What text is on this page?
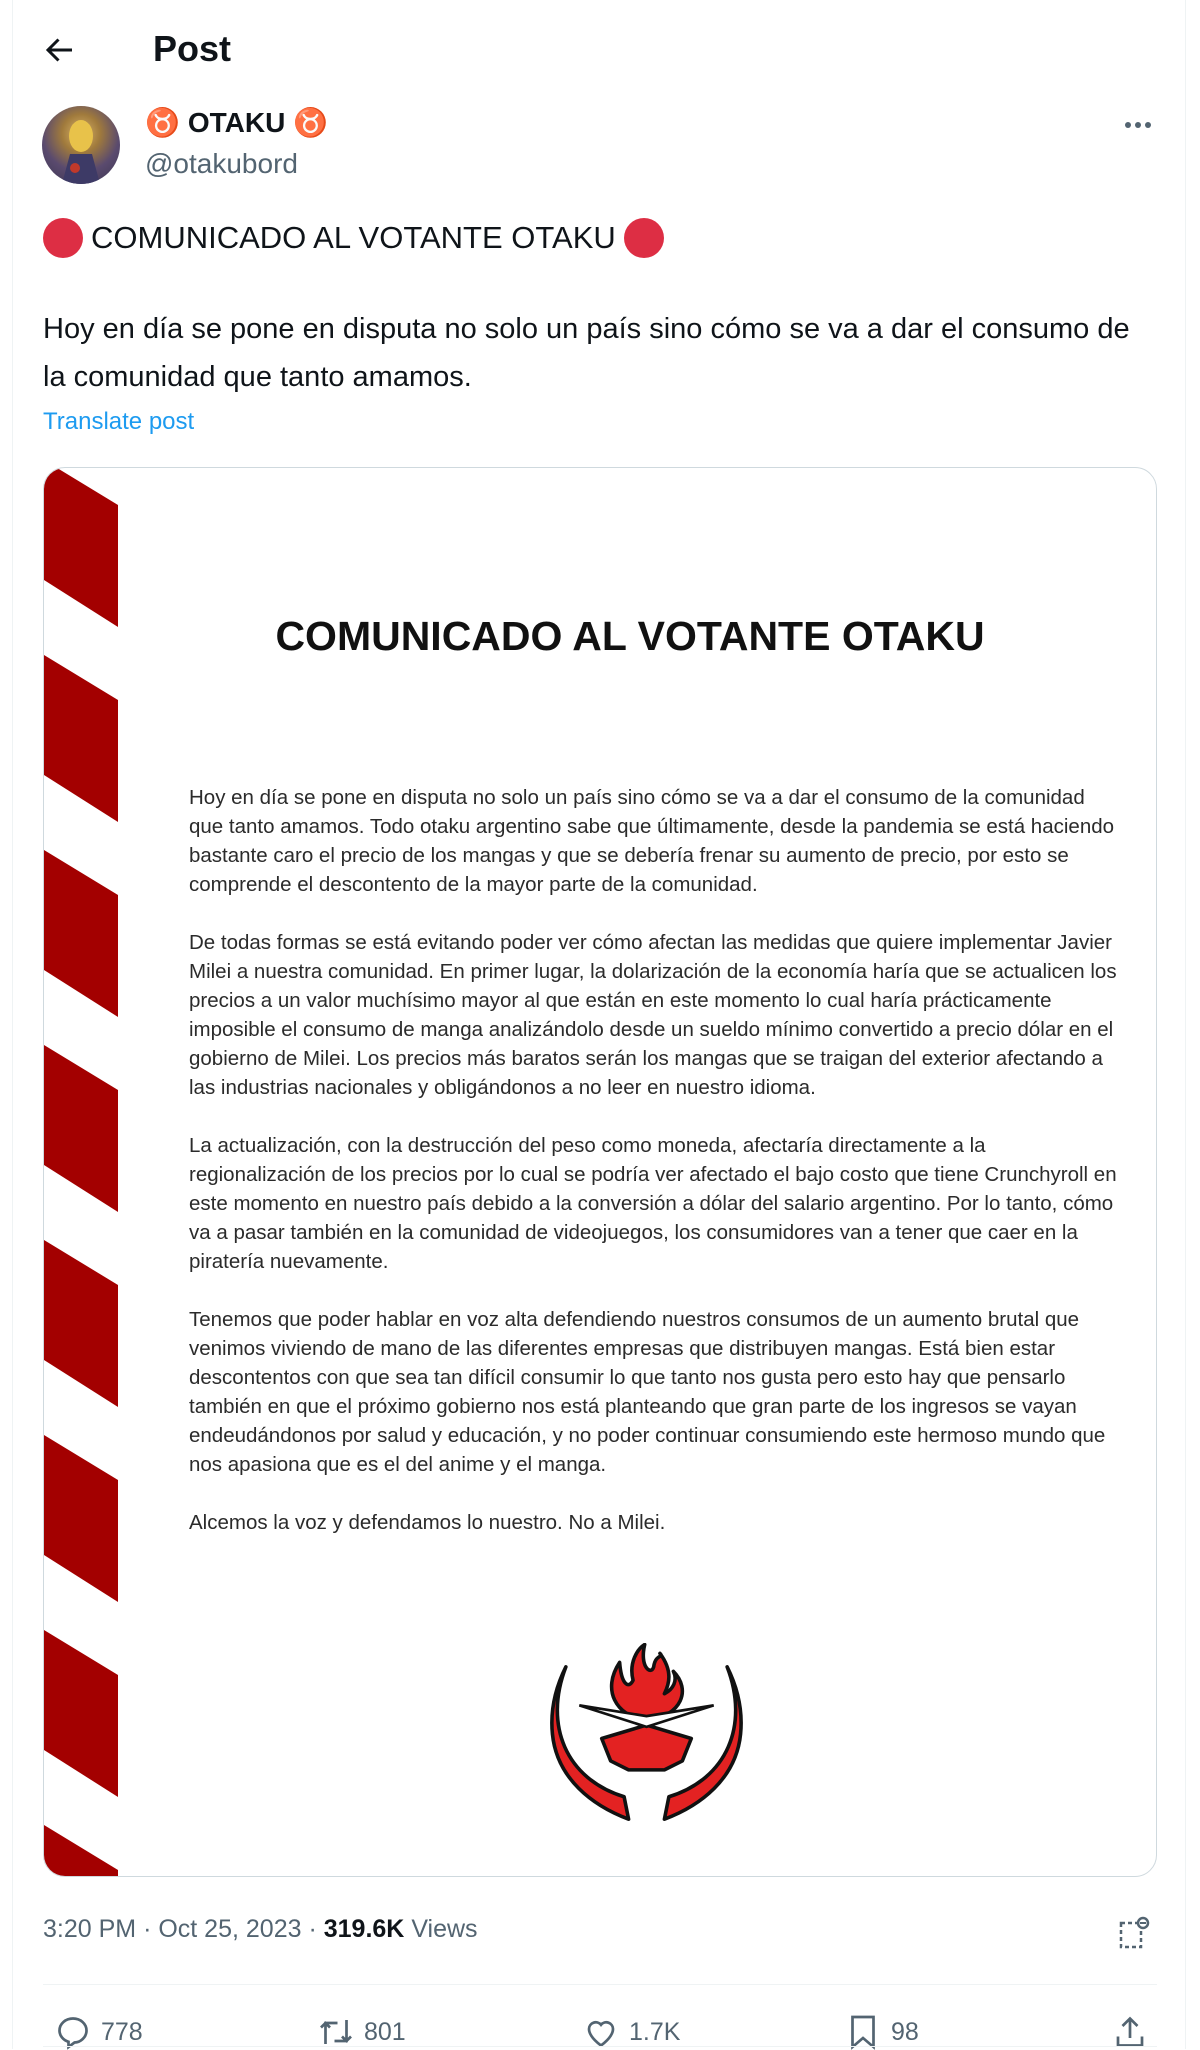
Post
♉ OTAKU ♉
@otakubord
COMUNICADO AL VOTANTE OTAKU
Hoy en día se pone en disputa no solo un país sino cómo se va a dar el consumo de la comunidad que tanto amamos.
Translate post
COMUNICADO AL VOTANTE OTAKU

Hoy en día se pone en disputa no solo un país sino cómo se va a dar el consumo de la comunidad que tanto amamos. Todo otaku argentino sabe que últimamente, desde la pandemia se está haciendo bastante caro el precio de los mangas y que se debería frenar su aumento de precio, por esto se comprende el descontento de la mayor parte de la comunidad.

De todas formas se está evitando poder ver cómo afectan las medidas que quiere implementar Javier Milei a nuestra comunidad. En primer lugar, la dolarización de la economía haría que se actualicen los precios a un valor muchísimo mayor al que están en este momento lo cual haría prácticamente imposible el consumo de manga analizándolo desde un sueldo mínimo convertido a precio dólar en el gobierno de Milei. Los precios más baratos serán los mangas que se traigan del exterior afectando a las industrias nacionales y obligándonos a no leer en nuestro idioma.

La actualización, con la destrucción del peso como moneda, afectaría directamente a la regionalización de los precios por lo cual se podría ver afectado el bajo costo que tiene Crunchyroll en este momento en nuestro país debido a la conversión a dólar del salario argentino. Por lo tanto, cómo va a pasar también en la comunidad de videojuegos, los consumidores van a tener que caer en la piratería nuevamente.

Tenemos que poder hablar en voz alta defendiendo nuestros consumos de un aumento brutal que venimos viviendo de mano de las diferentes empresas que distribuyen mangas. Está bien estar descontentos con que sea tan difícil consumir lo que tanto nos gusta pero esto hay que pensarlo también en que el próximo gobierno nos está planteando que gran parte de los ingresos se vayan endeudándonos por salud y educación, y no poder continuar consumiendo este hermoso mundo que nos apasiona que es el del anime y el manga.

Alcemos la voz y defendamos lo nuestro. No a Milei.

3:20 PM · Oct 25, 2023 · 319.6K Views
778	801	1.7K	98
